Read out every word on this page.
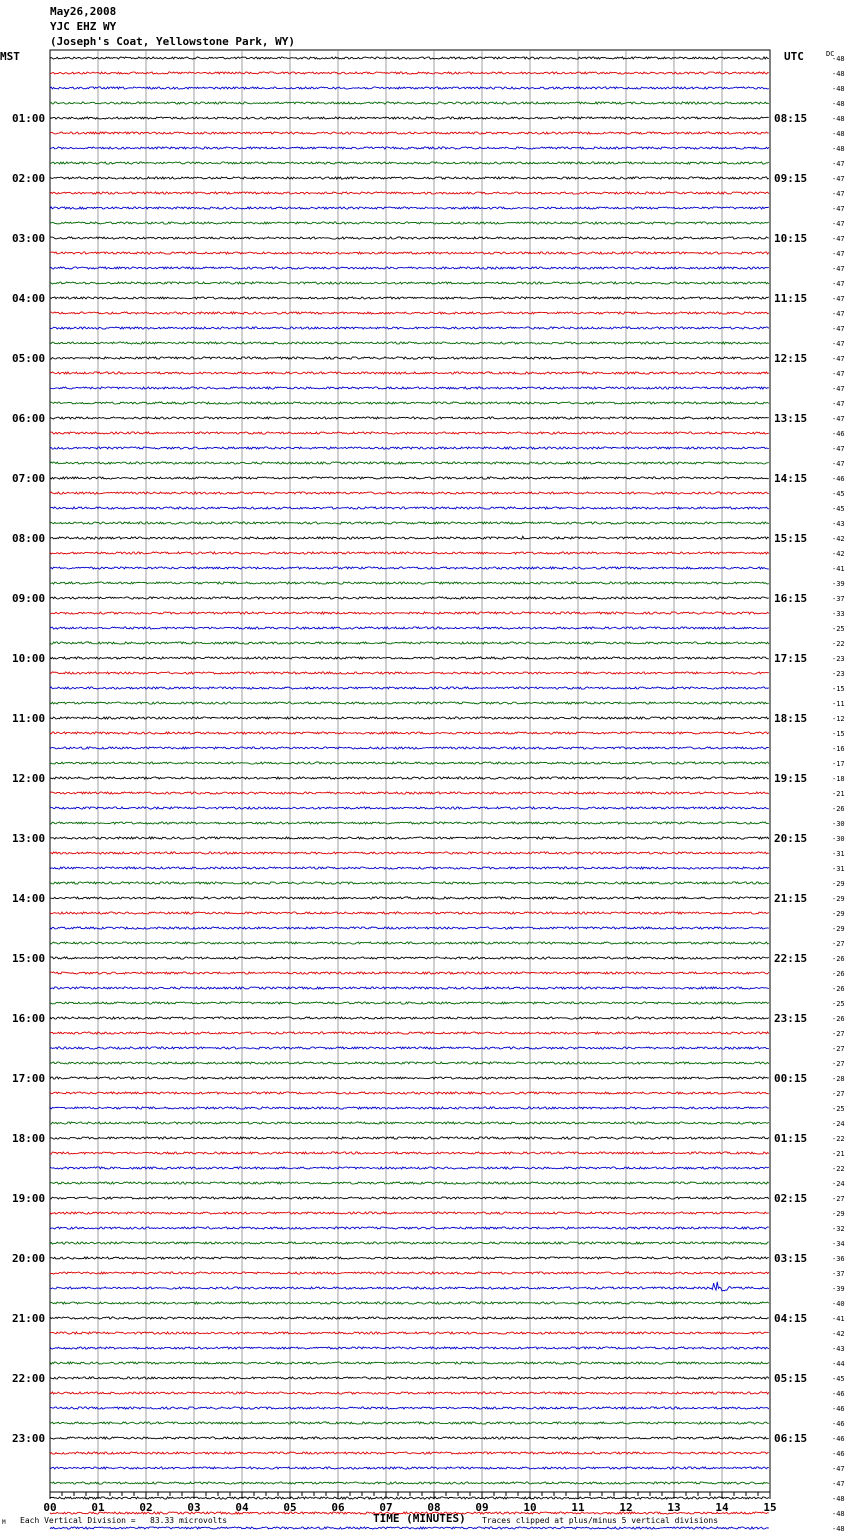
May26,2008
YJC EHZ WY
(Joseph's Coat, Yellowstone Park, WY)
MST	UTC	DC
01:00
02:00
03:00
04:00
05:00
06:00
07:00
08:00
09:00
10:00
11:00
12:00
13:00
14:00
15:00
16:00
17:00
18:00
19:00
20:00
21:00
22:00
23:00
08:15
09:15
10:15
11:15
12:15
13:15
14:15
15:15
16:15
17:15
18:15
19:15
20:15
21:15
22:15
23:15
00:15
01:15
02:15
03:15
04:15
05:15
06:15
-48
-48
-48
-48
-48
-48
-48
-47
-47
-47
-47
-47
-47
-47
-47
-47
-47
-47
-47
-47
-47
-47
-47
-47
-47
-46
-47
-47
-46
-45
-45
-43
-42
-42
-41
-39
-37
-33
-25
-22
-23
-23
-15
-11
-12
-15
-16
-17
-18
-21
-26
-30
-30
-31
-31
-29
-29
-29
-29
-27
-26
-26
-26
-25
-26
-27
-27
-27
-28
-27
-25
-24
-22
-21
-22
-24
-27
-29
-32
-34
-36
-37
-39
-40
-41
-42
-43
-44
-45
-46
-46
-46
-46
-46
-47
-47
-48
-48
-48
00	01	02	03	04	05	06	07	08	09	10	11	12	13	14	15
TIME (MINUTES)
M Each Vertical Division =   83.33 microvolts	Traces clipped at plus/minus 5 vertical divisions
